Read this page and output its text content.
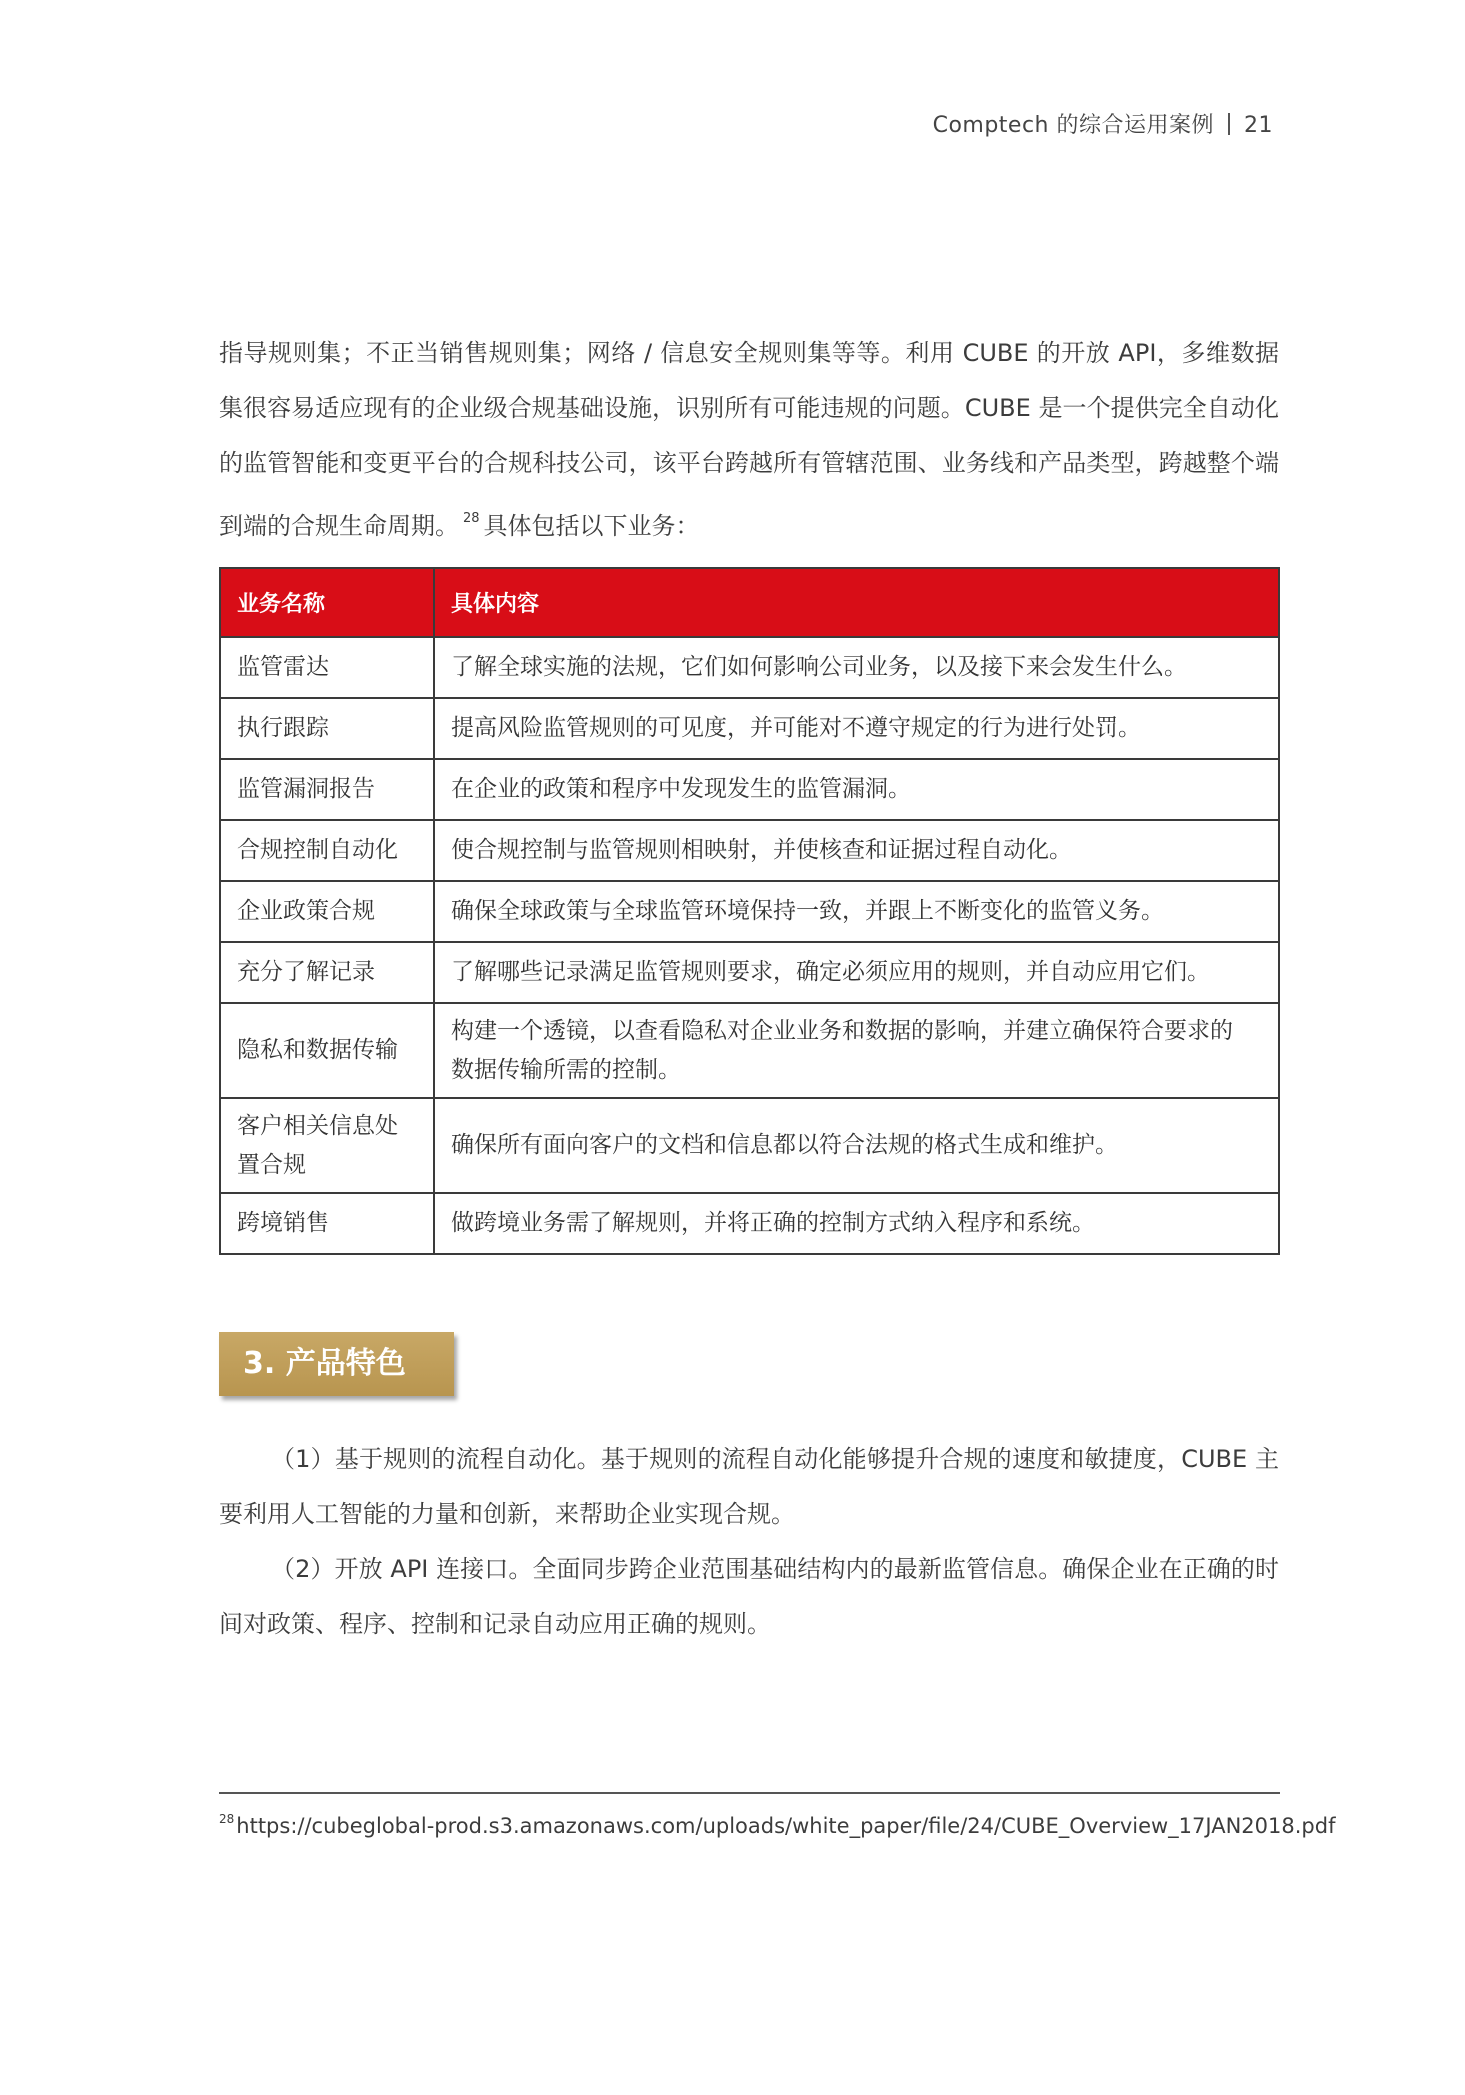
Comptech 的综合运用案例 21
指导规则集；不正当销售规则集；网络 / 信息安全规则集等等。利用 CUBE 的开放 API，多维数据集很容易适应现有的企业级合规基础设施，识别所有可能违规的问题。CUBE 是一个提供完全自动化的监管智能和变更平台的合规科技公司，该平台跨越所有管辖范围、业务线和产品类型，跨越整个端到端的合规生命周期。 $^{28}$ 具体包括以下业务：
业务名称	具体内容
监管雷达	了解全球实施的法规，它们如何影响公司业务，以及接下来会发生什么。
执行跟踪	提高风险监管规则的可见度，并可能对不遵守规定的行为进行处罚。
监管漏洞报告	在企业的政策和程序中发现发生的监管漏洞。
合规控制自动化	使合规控制与监管规则相映射，并使核查和证据过程自动化。
企业政策合规	确保全球政策与全球监管环境保持一致，并跟上不断变化的监管义务。
充分了解记录	了解哪些记录满足监管规则要求，确定必须应用的规则，并自动应用它们。
隐私和数据传输	构建一个透镜，以查看隐私对企业业务和数据的影响，并建立确保符合要求的数据传输所需的控制。
客户相关信息处置合规	确保所有面向客户的文档和信息都以符合法规的格式生成和维护。
跨境销售	做跨境业务需了解规则，并将正确的控制方式纳入程序和系统。
3. 产品特色

（1）基于规则的流程自动化。基于规则的流程自动化能够提升合规的速度和敏捷度，CUBE 主要利用人工智能的力量和创新，来帮助企业实现合规。

（2）开放 API 连接口。全面同步跨企业范围基础结构内的最新监管信息。确保企业在正确的时间对政策、程序、控制和记录自动应用正确的规则。

$^{28}$https://cubeglobal-prod.s3.amazonaws.com/uploads/white_paper/file/24/CUBE_Overview_17JAN2018.pdf
